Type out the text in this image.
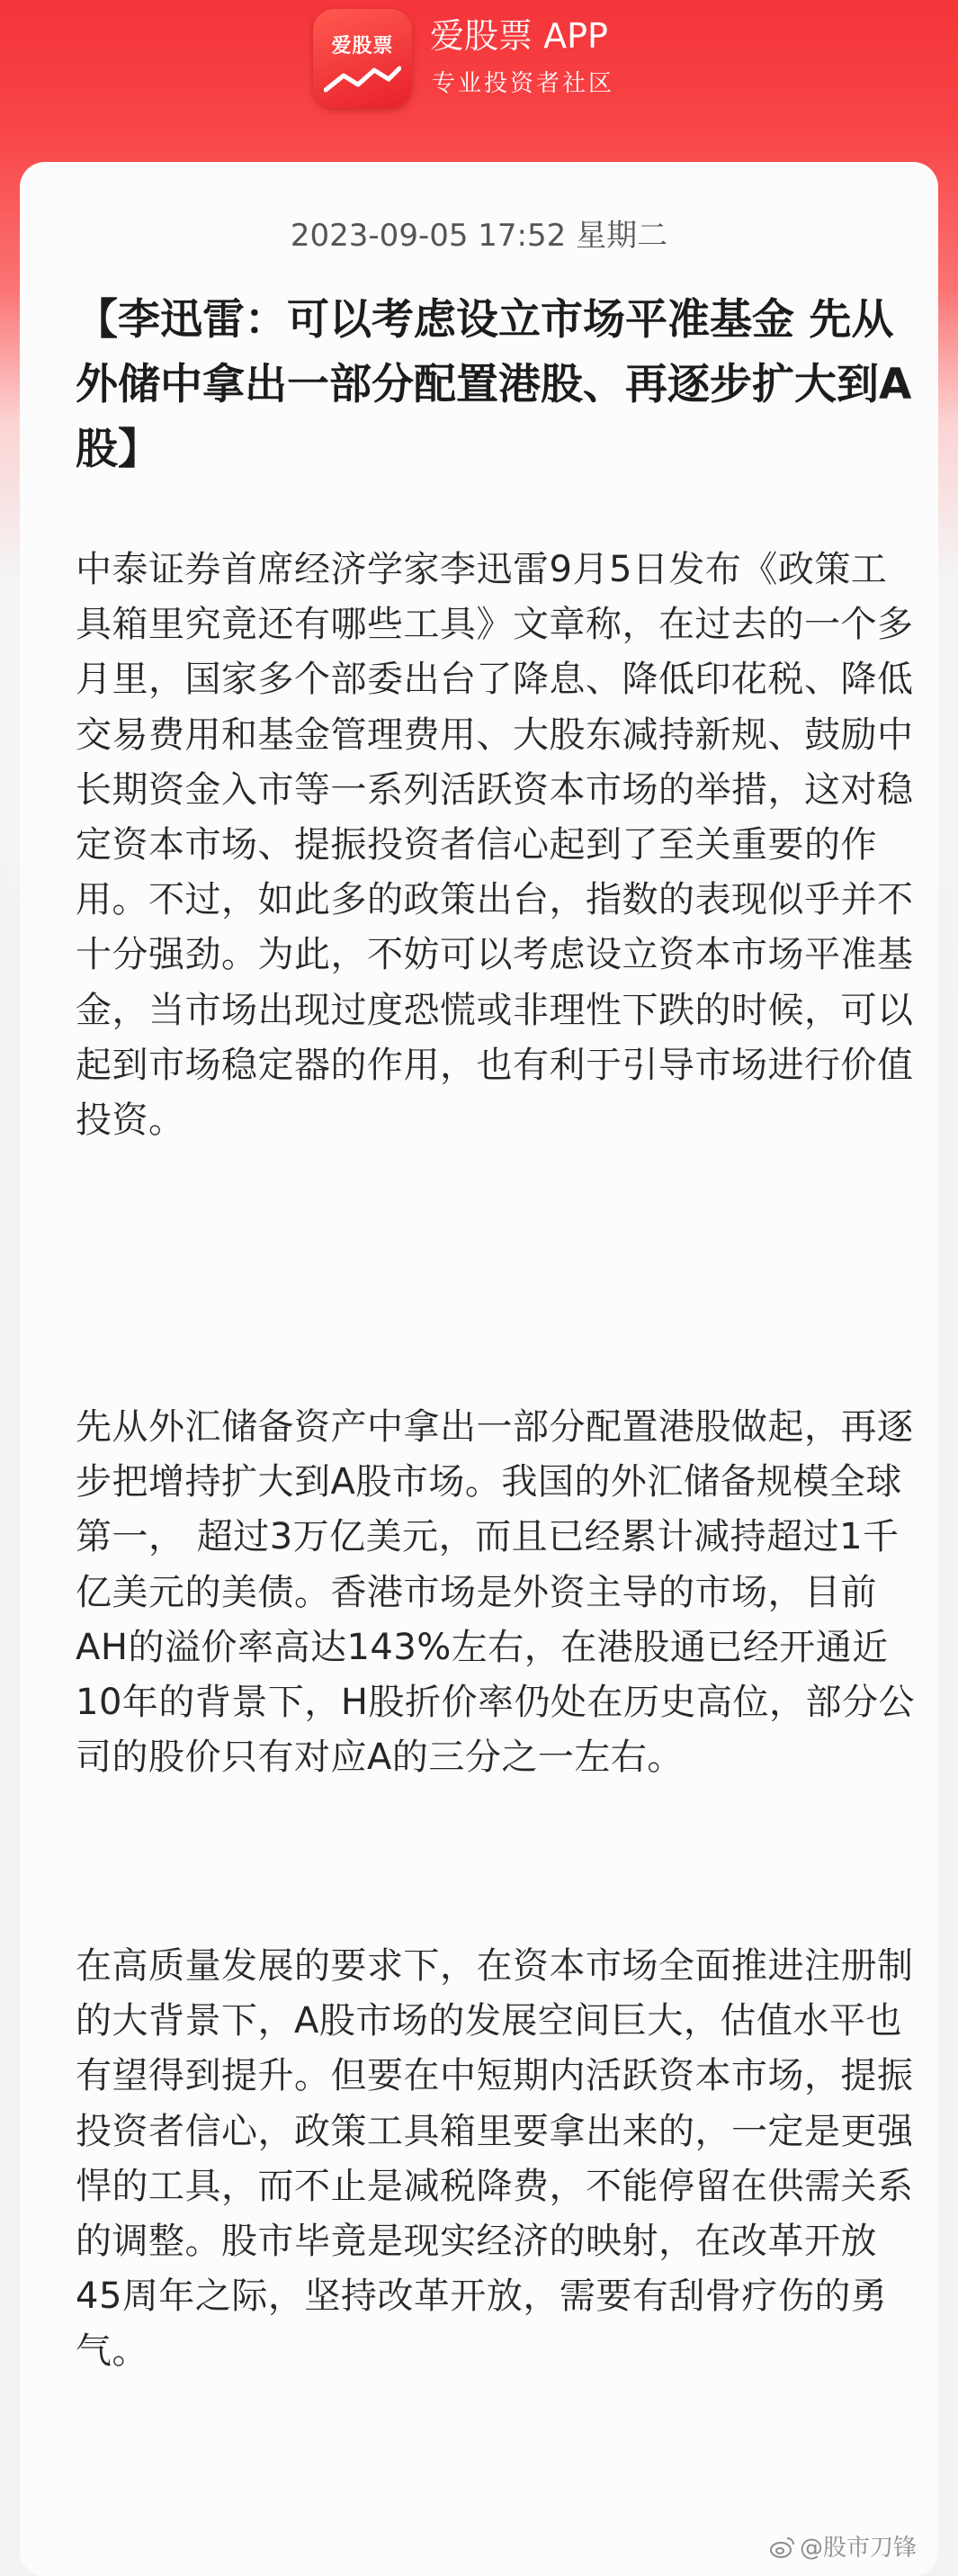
爱股票	爱股票 APP
专业投资者社区
2023-09-05 17:52 星期二
【李迅雷：可以考虑设立市场平准基金 先从外储中拿出一部分配置港股、再逐步扩大到A股】

中泰证券首席经济学家李迅雷9月5日发布《政策工具箱里究竟还有哪些工具》文章称，在过去的一个多月里，国家多个部委出台了降息、降低印花税、降低交易费用和基金管理费用、大股东减持新规、鼓励中长期资金入市等一系列活跃资本市场的举措，这对稳定资本市场、提振投资者信心起到了至关重要的作用。不过，如此多的政策出台，指数的表现似乎并不十分强劲。为此，不妨可以考虑设立资本市场平准基金，当市场出现过度恐慌或非理性下跌的时候，可以起到市场稳定器的作用，也有利于引导市场进行价值投资。

先从外汇储备资产中拿出一部分配置港股做起，再逐步把增持扩大到A股市场。我国的外汇储备规模全球第一， 超过3万亿美元，而且已经累计减持超过1千亿美元的美债。香港市场是外资主导的市场，目前AH的溢价率高达143%左右，在港股通已经开通近10年的背景下，H股折价率仍处在历史高位，部分公司的股价只有对应A的三分之一左右。

在高质量发展的要求下，在资本市场全面推进注册制的大背景下，A股市场的发展空间巨大，估值水平也有望得到提升。但要在中短期内活跃资本市场，提振投资者信心，政策工具箱里要拿出来的，一定是更强悍的工具，而不止是减税降费，不能停留在供需关系的调整。股市毕竟是现实经济的映射，在改革开放45周年之际，坚持改革开放，需要有刮骨疗伤的勇气。

@股市刀锋
